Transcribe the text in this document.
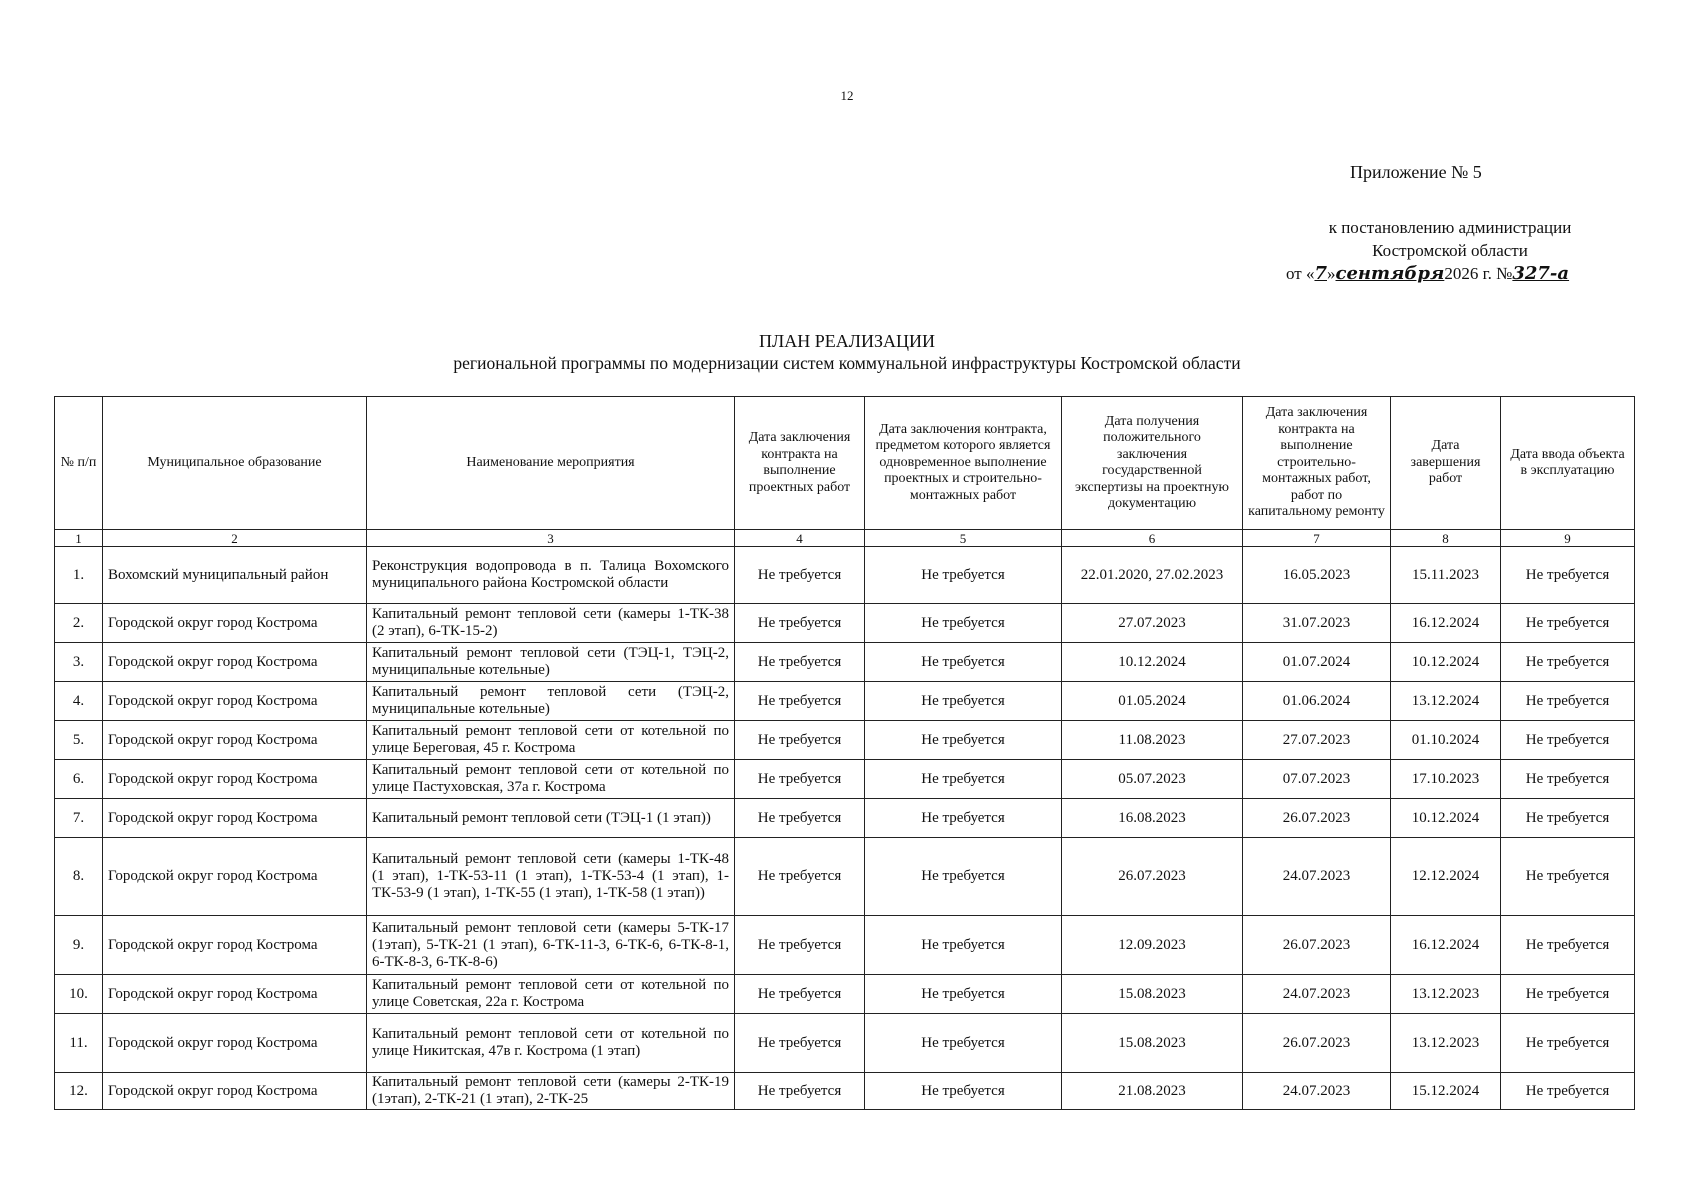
12
Приложение № 5
к постановлению администрации
Костромской области
от «7»сентября2026 г. №327-а
ПЛАН РЕАЛИЗАЦИИ
региональной программы по модернизации систем коммунальной инфраструктуры Костромской области
№ п/п	Муниципальное образование	Наименование мероприятия	Дата заключения контракта на выполнение проектных работ	Дата заключения контракта, предметом которого является одновременное выполнение проектных и строительно-монтажных работ	Дата получения положительного заключения государственной экспертизы на проектную документацию	Дата заключения контракта на выполнение строительно-монтажных работ, работ по капитальному ремонту	Дата завершения работ	Дата ввода объекта в эксплуатацию
1	2	3	4	5	6	7	8	9
1.	Вохомский муниципальный район	Реконструкция водопровода в п. Талица Вохомского муниципального района Костромской области	Не требуется	Не требуется	22.01.2020, 27.02.2023	16.05.2023	15.11.2023	Не требуется
2.	Городской округ город Кострома	Капитальный ремонт тепловой сети (камеры 1-ТК-38 (2 этап), 6-ТК-15-2)	Не требуется	Не требуется	27.07.2023	31.07.2023	16.12.2024	Не требуется
3.	Городской округ город Кострома	Капитальный ремонт тепловой сети (ТЭЦ-1, ТЭЦ-2, муниципальные котельные)	Не требуется	Не требуется	10.12.2024	01.07.2024	10.12.2024	Не требуется
4.	Городской округ город Кострома	Капитальный ремонт тепловой сети (ТЭЦ-2, муниципальные котельные)	Не требуется	Не требуется	01.05.2024	01.06.2024	13.12.2024	Не требуется
5.	Городской округ город Кострома	Капитальный ремонт тепловой сети от котельной по улице Береговая, 45 г. Кострома	Не требуется	Не требуется	11.08.2023	27.07.2023	01.10.2024	Не требуется
6.	Городской округ город Кострома	Капитальный ремонт тепловой сети от котельной по улице Пастуховская, 37а г. Кострома	Не требуется	Не требуется	05.07.2023	07.07.2023	17.10.2023	Не требуется
7.	Городской округ город Кострома	Капитальный ремонт тепловой сети (ТЭЦ-1 (1 этап))	Не требуется	Не требуется	16.08.2023	26.07.2023	10.12.2024	Не требуется
8.	Городской округ город Кострома	Капитальный ремонт тепловой сети (камеры 1-ТК-48 (1 этап), 1-ТК-53-11 (1 этап), 1-ТК-53-4 (1 этап), 1-ТК-53-9 (1 этап), 1-ТК-55 (1 этап), 1-ТК-58 (1 этап))	Не требуется	Не требуется	26.07.2023	24.07.2023	12.12.2024	Не требуется
9.	Городской округ город Кострома	Капитальный ремонт тепловой сети (камеры 5-ТК-17 (1этап), 5-ТК-21 (1 этап), 6-ТК-11-3, 6-ТК-6, 6-ТК-8-1, 6-ТК-8-3, 6-ТК-8-6)	Не требуется	Не требуется	12.09.2023	26.07.2023	16.12.2024	Не требуется
10.	Городской округ город Кострома	Капитальный ремонт тепловой сети от котельной по улице Советская, 22а г. Кострома	Не требуется	Не требуется	15.08.2023	24.07.2023	13.12.2023	Не требуется
11.	Городской округ город Кострома	Капитальный ремонт тепловой сети от котельной по улице Никитская, 47в г. Кострома (1 этап)	Не требуется	Не требуется	15.08.2023	26.07.2023	13.12.2023	Не требуется
12.	Городской округ город Кострома	Капитальный ремонт тепловой сети (камеры 2-ТК-19 (1этап), 2-ТК-21 (1 этап), 2-ТК-25	Не требуется	Не требуется	21.08.2023	24.07.2023	15.12.2024	Не требуется
